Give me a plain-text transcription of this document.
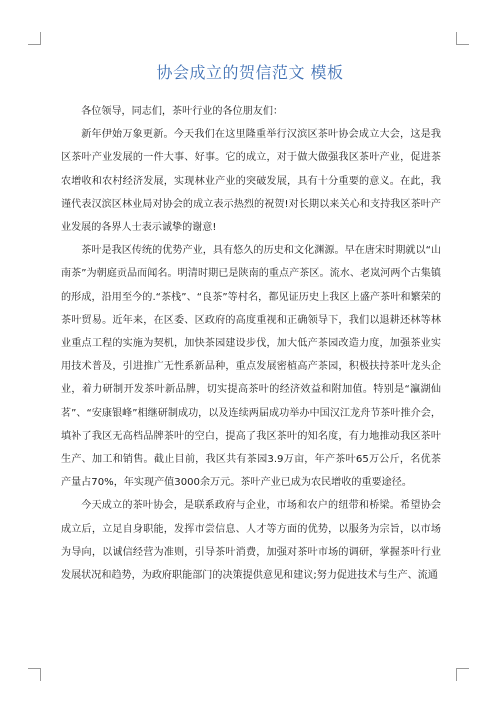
协会成立的贺信范文 模板

各位领导，同志们，茶叶行业的各位朋友们：

新年伊始万象更新。今天我们在这里隆重举行汉滨区茶叶协会成立大会，这是我区茶叶产业发展的一件大事、好事。它的成立，对于做大做强我区茶叶产业，促进茶农增收和农村经济发展，实现林业产业的突破发展，具有十分重要的意义。在此，我谨代表汉滨区林业局对协会的成立表示热烈的祝贺!对长期以来关心和支持我区茶叶产业发展的各界人士表示诚挚的谢意!

茶叶是我区传统的优势产业，具有悠久的历史和文化渊源。早在唐宋时期就以“山南茶”为朝庭贡品而闻名。明清时期已是陕南的重点产茶区。流水、老岚河两个古集镇的形成，沿用至今的.“茶栈”、“良茶”等村名，都见证历史上我区上盛产茶叶和繁荣的茶叶贸易。近年来，在区委、区政府的高度重视和正确领导下，我们以退耕还林等林业重点工程的实施为契机，加快茶园建设步伐，加大低产茶园改造力度，加强茶业实用技术普及，引进推广无性系新品种，重点发展密植高产茶园，积极扶持茶叶龙头企业，着力研制开发茶叶新品牌，切实提高茶叶的经济效益和附加值。特别是“瀛湖仙茗”、“安康银峰”相继研制成功，以及连续两届成功举办中国汉江龙舟节茶叶推介会，填补了我区无高档品牌茶叶的空白，提高了我区茶叶的知名度，有力地推动我区茶叶生产、加工和销售。截止目前，我区共有茶园3.9万亩，年产茶叶65万公斤，名优茶产量占70%，年实现产值3000余万元。茶叶产业已成为农民增收的重要途径。

今天成立的茶叶协会，是联系政府与企业，市场和农户的纽带和桥梁。希望协会成立后，立足自身职能，发挥市尝信息、人才等方面的优势，以服务为宗旨，以市场为导向，以诚信经营为准则，引导茶叶消费，加强对茶叶市场的调研，掌握茶叶行业发展状况和趋势，为政府职能部门的决策提供意见和建议;努力促进技术与生产、流通
